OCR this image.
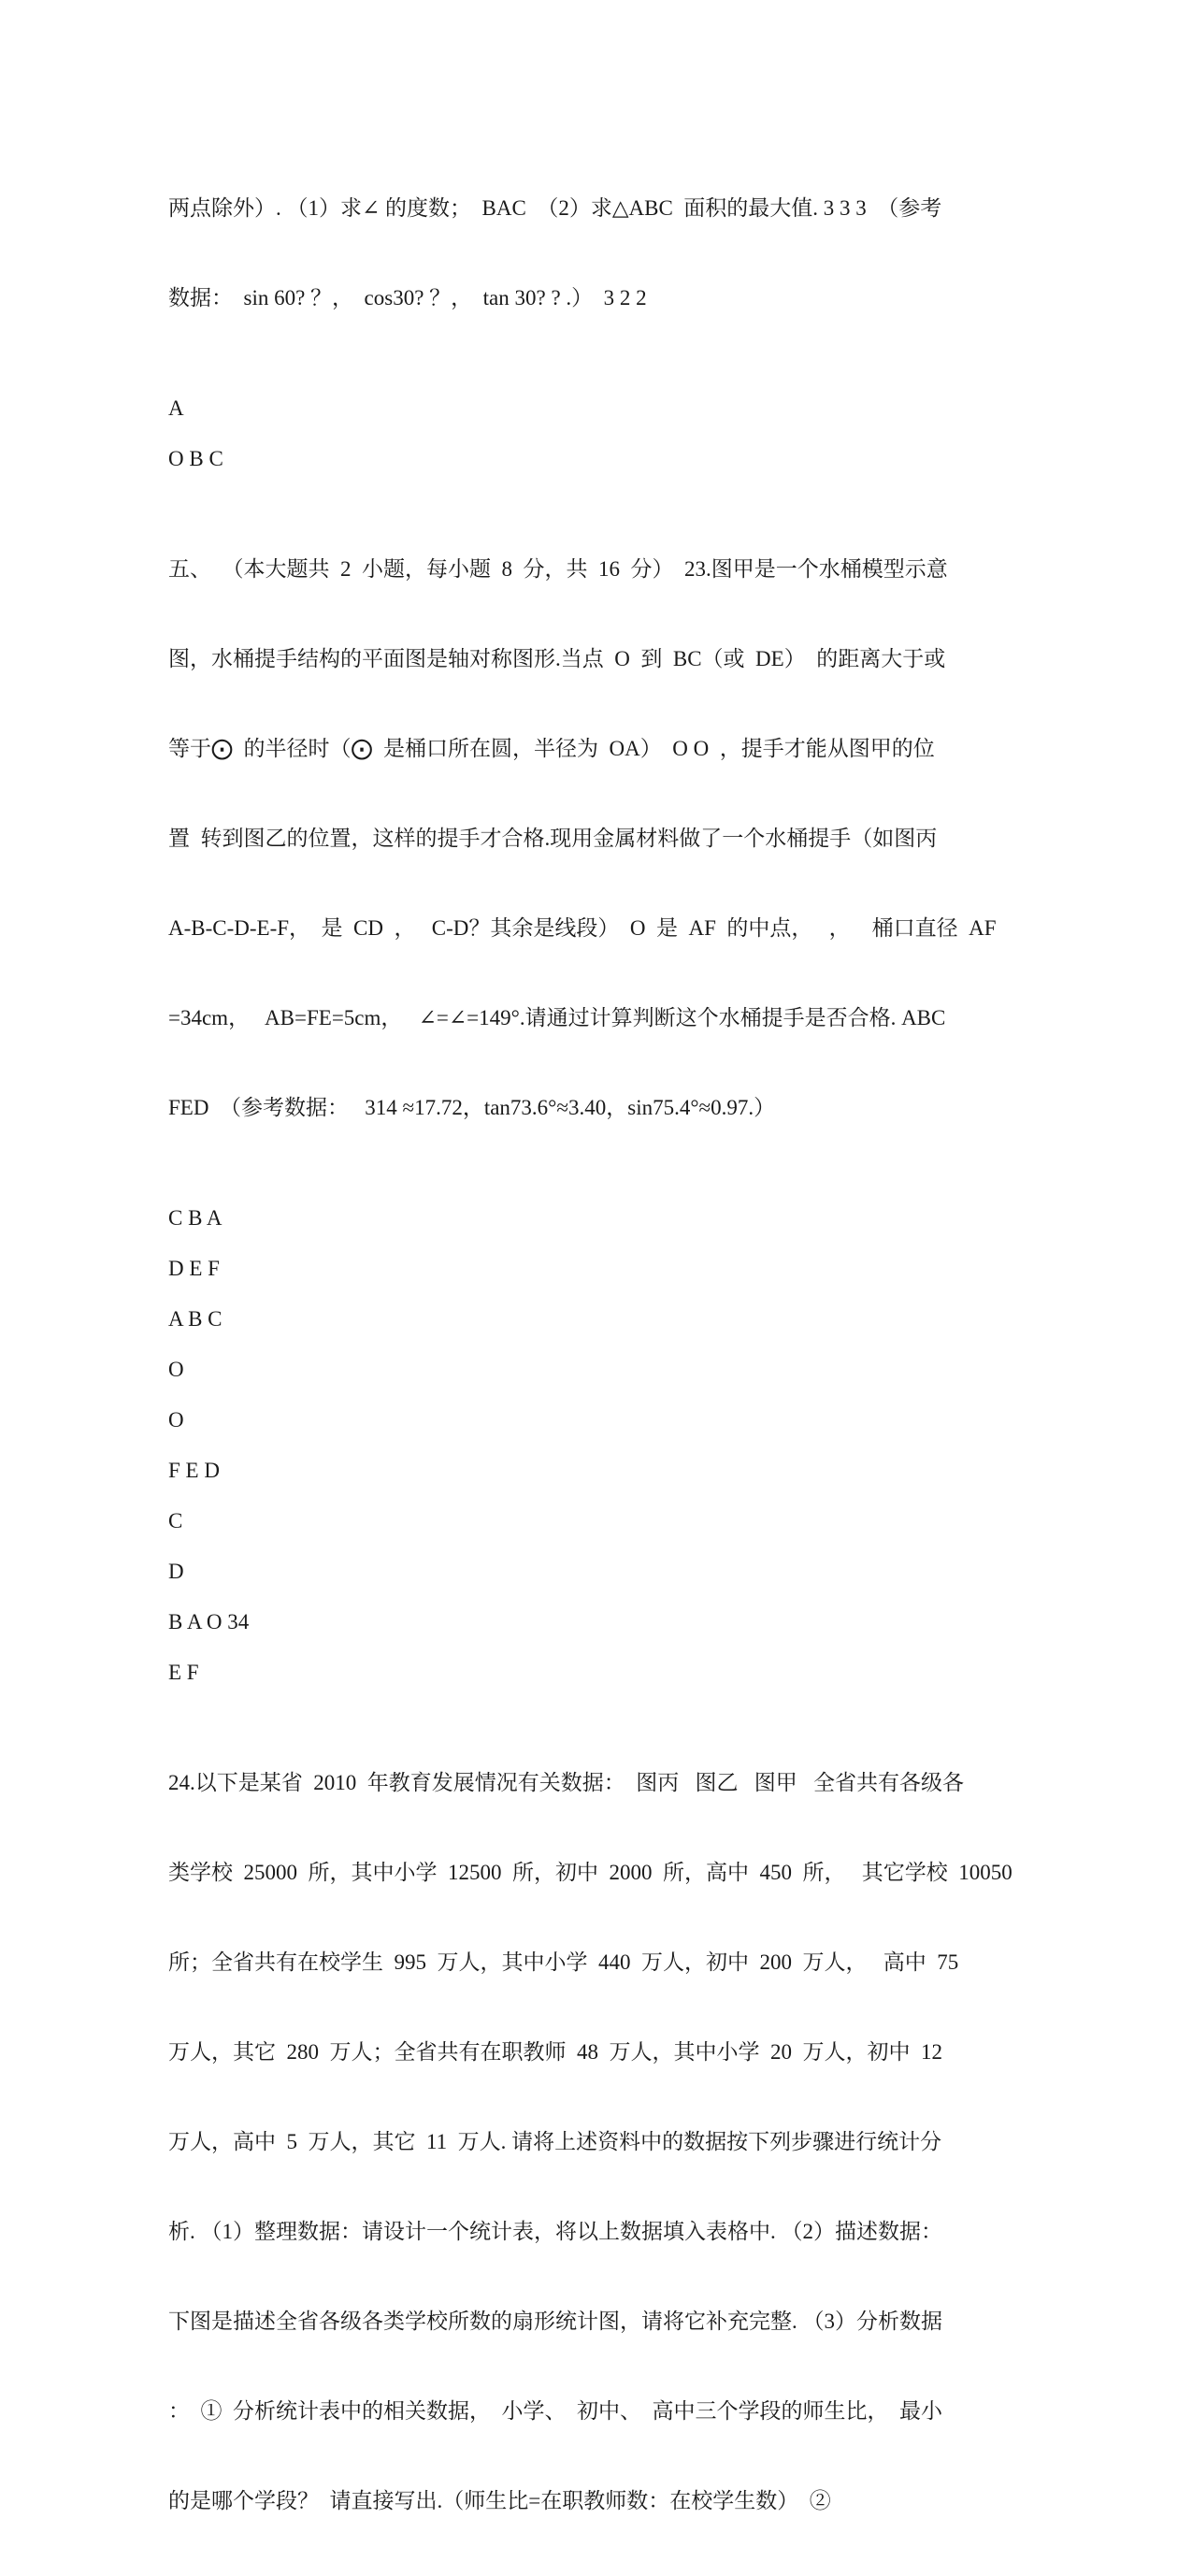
两点除外）. （1）求∠ 的度数；  BAC  （2）求△ABC  面积的最大值. 3 3 3  （参考

数据：  sin 60? ？，  cos30? ？，  tan 30? ? .）  3 2 2

A
O B C

五、  （本大题共  2  小题，每小题  8  分，共  16  分）  23.图甲是一个水桶模型示意

图，水桶提手结构的平面图是轴对称图形.当点  O  到  BC（或  DE）  的距离大于或

等于⨀  的半径时（⨀  是桶口所在圆，半径为  OA）  O O  ，提手才能从图甲的位

置  转到图乙的位置，这样的提手才合格.现用金属材料做了一个水桶提手（如图丙

A-B-C-D-E-F，  是  CD  ，   C-D？其余是线段）  O  是  AF  的中点，   ，    桶口直径  AF

=34cm，   AB=FE=5cm，   ∠=∠=149°.请通过计算判断这个水桶提手是否合格. ABC

FED  （参考数据：   314 ≈17.72，tan73.6°≈3.40，sin75.4°≈0.97.）

C B A
D E F
A B C
O
O
F E D
C
D
B A O 34
E F

24.以下是某省  2010  年教育发展情况有关数据：  图丙   图乙   图甲   全省共有各级各

类学校  25000  所，其中小学  12500  所，初中  2000  所，高中  450  所，   其它学校  10050

所；全省共有在校学生  995  万人，其中小学  440  万人，初中  200  万人，   高中  75

万人，其它  280  万人；全省共有在职教师  48  万人，其中小学  20  万人，初中  12

万人，高中  5  万人，其它  11  万人. 请将上述资料中的数据按下列步骤进行统计分

析. （1）整理数据：请设计一个统计表，将以上数据填入表格中. （2）描述数据：

下图是描述全省各级各类学校所数的扇形统计图，请将它补充完整. （3）分析数据

：  ①  分析统计表中的相关数据，  小学、  初中、  高中三个学段的师生比，  最小

的是哪个学段？  请直接写出.（师生比=在职教师数：在校学生数）  ②
